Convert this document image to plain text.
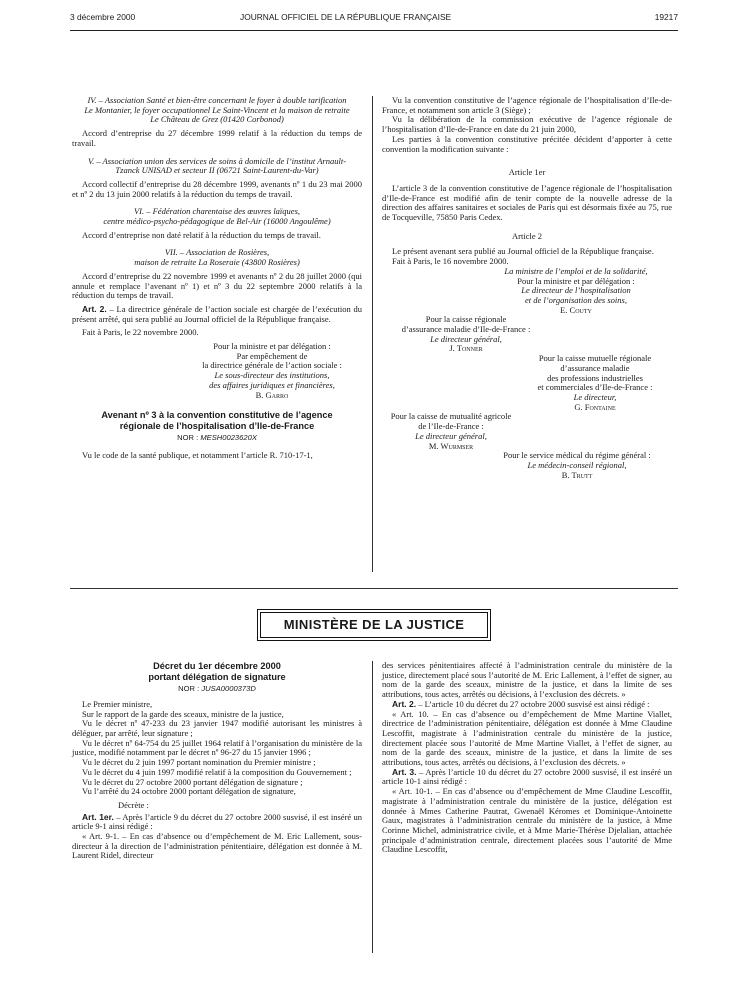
3 décembre 2000	JOURNAL OFFICIEL DE LA RÉPUBLIQUE FRANÇAISE	19217

IV. – Association Santé et bien-être concernant le foyer à double tarification Le Montanier, le foyer occupationnel Le Saint-Vincent et la maison de retraite Le Château de Grez (01420 Corbonod)

Accord d’entreprise du 27 décembre 1999 relatif à la réduction du temps de travail.

V. – Association union des services de soins à domicile de l’institut Arnault-Tzanck UNISAD et secteur II (06721 Saint-Laurent-du-Var)

Accord collectif d’entreprise du 28 décembre 1999, avenants nº 1 du 23 mai 2000 et nº 2 du 13 juin 2000 relatifs à la réduction du temps de travail.

VI. – Fédération charentaise des œuvres laïques,

centre médico-psycho-pédagogique de Bel-Air (16000 Angoulême)

Accord d’entreprise non daté relatif à la réduction du temps de travail.

VII. – Association de Rosières,

maison de retraite La Roseraie (43800 Rosières)

Accord d’entreprise du 22 novembre 1999 et avenants nº 2 du 28 juillet 2000 (qui annule et remplace l’avenant nº 1) et nº 3 du 22 septembre 2000 relatifs à la réduction du temps de travail.

Art. 2. – La directrice générale de l’action sociale est chargée de l’exécution du présent arrêté, qui sera publié au Journal officiel de la République française.

Fait à Paris, le 22 novembre 2000.

Pour la ministre et par délégation :

Par empêchement de

la directrice générale de l’action sociale :

Le sous-directeur des institutions,

des affaires juridiques et financières,

B. Garro

Avenant nº 3 à la convention constitutive de l’agence

régionale de l’hospitalisation d’Ile-de-France

NOR : MESH0023620X

Vu le code de la santé publique, et notamment l’article R. 710-17-1,

Vu la convention constitutive de l’agence régionale de l’hospitalisation d’Ile-de-France, et notamment son article 3 (Siège) ;

Vu la délibération de la commission exécutive de l’agence régionale de l’hospitalisation d’Ile-de-France en date du 21 juin 2000,

Les parties à la convention constitutive précitée décident d’apporter à cette convention la modification suivante :

Article 1er

L’article 3 de la convention constitutive de l’agence régionale de l’hospitalisation d’Ile-de-France est modifié afin de tenir compte de la nouvelle adresse de la direction des affaires sanitaires et sociales de Paris qui est désormais fixée au 75, rue de Tocqueville, 75850 Paris Cedex.

Article 2

Le présent avenant sera publié au Journal officiel de la République française.

Fait à Paris, le 16 novembre 2000.

La ministre de l’emploi et de la solidarité,

Pour la ministre et par délégation :

Le directeur de l’hospitalisation

et de l’organisation des soins,

E. Couty

Pour la caisse régionale

d’assurance maladie d’Ile-de-France :

Le directeur général,

J. Tonner

Pour la caisse mutuelle régionale

d’assurance maladie

des professions industrielles

et commerciales d’Ile-de-France :

Le directeur,

G. Fontaine

Pour la caisse de mutualité agricole

de l’Ile-de-France :

Le directeur général,

M. Wurmser

Pour le service médical du régime général :

Le médecin-conseil régional,

B. Trutt

MINISTÈRE DE LA JUSTICE

Décret du 1er décembre 2000

portant délégation de signature

NOR : JUSA0000373D

Le Premier ministre,

Sur le rapport de la garde des sceaux, ministre de la justice,

Vu le décret nº 47-233 du 23 janvier 1947 modifié autorisant les ministres à déléguer, par arrêté, leur signature ;

Vu le décret nº 64-754 du 25 juillet 1964 relatif à l’organisation du ministère de la justice, modifié notamment par le décret nº 96-27 du 15 janvier 1996 ;

Vu le décret du 2 juin 1997 portant nomination du Premier ministre ;

Vu le décret du 4 juin 1997 modifié relatif à la composition du Gouvernement ;

Vu le décret du 27 octobre 2000 portant délégation de signature ;

Vu l’arrêté du 24 octobre 2000 portant délégation de signature,

Décrète :

Art. 1er. – Après l’article 9 du décret du 27 octobre 2000 susvisé, il est inséré un article 9-1 ainsi rédigé :

« Art. 9-1. – En cas d’absence ou d’empêchement de M. Eric Lallement, sous-directeur à la direction de l’administration pénitentiaire, délégation est donnée à M. Laurent Ridel, directeur

des services pénitentiaires affecté à l’administration centrale du ministère de la justice, directement placé sous l’autorité de M. Eric Lallement, à l’effet de signer, au nom de la garde des sceaux, ministre de la justice, et dans la limite de ses attributions, tous actes, arrêtés ou décisions, à l’exclusion des décrets. »

Art. 2. – L’article 10 du décret du 27 octobre 2000 susvisé est ainsi rédigé :

« Art. 10. – En cas d’absence ou d’empêchement de Mme Martine Viallet, directrice de l’administration pénitentiaire, délégation est donnée à Mme Claudine Lescoffit, magistrate à l’administration centrale du ministère de la justice, directement placée sous l’autorité de Mme Martine Viallet, à l’effet de signer, au nom de la garde des sceaux, ministre de la justice, et dans la limite de ses attributions, tous actes, arrêtés ou décisions, à l’exclusion des décrets. »

Art. 3. – Après l’article 10 du décret du 27 octobre 2000 susvisé, il est inséré un article 10-1 ainsi rédigé :

« Art. 10-1. – En cas d’absence ou d’empêchement de Mme Claudine Lescoffit, magistrate à l’administration centrale du ministère de la justice, délégation est donnée à Mmes Catherine Pautrat, Gwenaël Kéromes et Dominique-Antoinette Gaux, magistrates à l’administration centrale du ministère de la justice, à Mme Corinne Michel, administratrice civile, et à Mme Marie-Thérèse Djelalian, attachée principale d’administration centrale, directement placées sous l’autorité de Mme Claudine Lescoffit,
